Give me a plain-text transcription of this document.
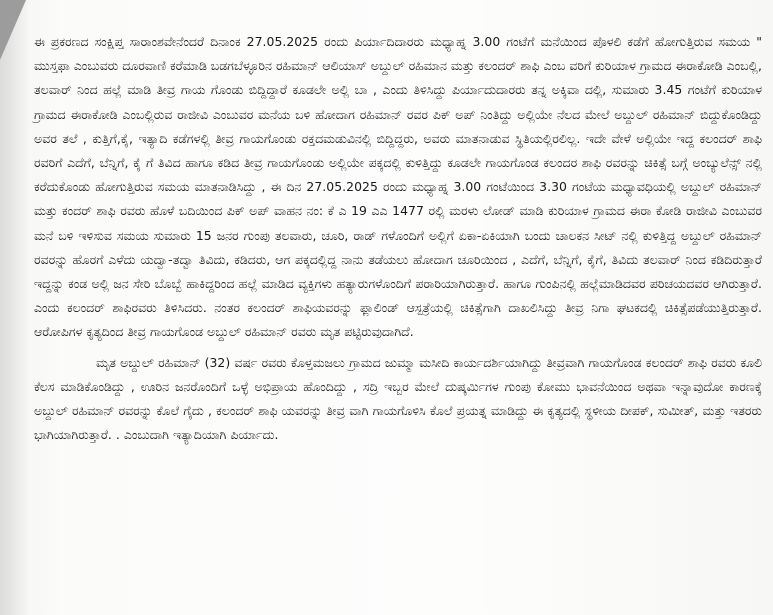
ಈ ಪ್ರಕರಣದ ಸಂಕ್ಷಿಪ್ತ ಸಾರಾಂಶವೇನೆಂದರೆ ದಿನಾಂಕ 27.05.2025 ರಂದು ಪಿರ್ಯಾದಿದಾರರು ಮಧ್ಯಾಹ್ನ 3.00 ಗಂಟೆಗೆ ಮನೆಯಿಂದ ಪೊಳಲಿ ಕಡೆಗೆ ಹೋಗುತ್ತಿರುವ ಸಮಯ " ಮುಸ್ತಫಾ ಎಂಬುವರು ದೂರವಾಣಿ ಕರೆಮಾಡಿ ಬಡಗಬೆಳ್ಳೂರಿನ ರಹಿಮಾನ್ ಆಲಿಯಾಸ್ ಅಬ್ದುಲ್ ರಹಿಮಾನ ಮತ್ತು ಕಲಂದರ್ ಶಾಫಿ ಎಂಬ ವರಿಗೆ ಕುರಿಯಾಳ ಗ್ರಾಮದ ಈರಾಕೋಡಿ ಎಂಬಲ್ಲಿ, ತಲವಾರ್ ನಿಂದ ಹಲ್ಲೆ ಮಾಡಿ ತೀವ್ರ ಗಾಯ ಗೊಂಡು ಬಿದ್ದಿದ್ದಾರೆ ಕೂಡಲೇ ಅಲ್ಲಿ ಬಾ , ಎಂದು ತಿಳಿಸಿದ್ದು ಪಿರ್ಯಾದುದಾರರು ತನ್ನ ಅಕ್ಕಿವಾ ದಲ್ಲಿ, ಸುಮಾರು 3.45 ಗಂಟೆಗೆ ಕುರಿಯಾಳ ಗ್ರಾಮದ ಈರಾಕೋಡಿ ಎಂಬಲ್ಲಿರುವ ರಾಜೀವಿ ಎಂಬುವರ ಮನೆಯ ಬಳಿ ಹೋದಾಗ ರಹಿಮಾನ್ ರವರ ಪಿಕ್ ಅಪ್ ನಿಂತಿದ್ದು ಅಲ್ಲಿಯೇ ನೆಲದ ಮೇಲೆ ಅಬ್ದುಲ್ ರಹಿಮಾನ್ ಬಿದ್ದುಕೊಂಡಿದ್ದು ಅವರ ತಲೆ , ಕುತ್ತಿಗೆ,ಕೈ, ಇತ್ಯಾದಿ ಕಡೆಗಳಲ್ಲಿ ತೀವ್ರ ಗಾಯಗೊಂಡು ರಕ್ತದಮಡುವಿನಲ್ಲಿ ಬಿದ್ದಿದ್ದರು, ಅವರು ಮಾತನಾಡುವ ಸ್ಥಿತಿಯಲ್ಲಿರಲಿಲ್ಲ. ಇದೇ ವೇಳೆ ಅಲ್ಲಿಯೇ ಇದ್ದ ಕಲಂದರ್ ಶಾಫಿ ರವರಿಗೆ ಎದೆಗೆ, ಬೆನ್ನಿಗೆ, ಕೈ ಗೆ ತಿವಿದ ಹಾಗೂ ಕಡಿದ ತೀವ್ರ ಗಾಯಗೊಂಡು ಅಲ್ಲಿಯೇ ಪಕ್ಕದಲ್ಲಿ ಕುಳಿತ್ತಿದ್ದು ಕೂಡಲೇ ಗಾಯಗೊಂಡ ಕಲಂದರ ಶಾಫಿ ರವರನ್ನು ಚಿಕಿತ್ಸೆ ಬಗ್ಗೆ ಅಂಬ್ಯುಲೆನ್ಸ್ ನಲ್ಲಿ ಕರೆದುಕೊಂಡು ಹೋಗುತ್ತಿರುವ ಸಮಯ ಮಾತನಾಡಿಸಿದ್ದು , ಈ ದಿನ 27.05.2025 ರಂದು ಮಧ್ಯಾಹ್ನ 3.00 ಗಂಟೆಯಿಂದ 3.30 ಗಂಟೆಯ ಮಧ್ಯಾವಧಿಯಲ್ಲಿ ಅಬ್ದುಲ್ ರಹಿಮಾನ್ ಮತ್ತು ಕಂದರ್ ಶಾಫಿ ರವರು ಹೊಳೆ ಬದಿಯಿಂದ ಪಿಕ್ ಅಪ್ ವಾಹನ ನಂ: ಕೆ ಎ 19 ಎಎ 1477 ರಲ್ಲಿ ಮರಳು ಲೋಡ್ ಮಾಡಿ ಕುರಿಯಾಳ ಗ್ರಾಮದ ಈರಾ ಕೋಡಿ ರಾಜೀವಿ ಎಂಬುವರ ಮನೆ ಬಳಿ ಇಳಿಸುವ ಸಮಯ ಸುಮಾರು 15 ಜನರ ಗುಂಪು ತಲವಾರು, ಚೂರಿ, ರಾಡ್ ಗಳೊಂದಿಗೆ ಅಲ್ಲಿಗೆ ಏಕಾ-ಏಕಿಯಾಗಿ ಬಂದು ಚಾಲಕನ ಸೀಟ್ ನಲ್ಲಿ ಕುಳಿತ್ತಿದ್ದ ಅಬ್ದುಲ್ ರಹಿಮಾನ್ ರವರನ್ನು ಹೊರಗೆ ಎಳೆದು ಯದ್ವಾ-ತದ್ವಾ ತಿವಿದು, ಕಡಿದರು, ಆಗ ಪಕ್ಕದಲ್ಲಿದ್ದ ನಾನು ತಡೆಯಲು ಹೋದಾಗ ಚೂರಿಯಿಂದ , ಎದೆಗೆ, ಬೆನ್ನಿಗೆ, ಕೈಗೆ, ತಿವಿದು ತಲವಾರ್ ನಿಂದ ಕಡಿದಿರುತ್ತಾರೆ ಇದ್ದನ್ನು ಕಂಡ ಅಲ್ಲಿ ಜನ ಸೇರಿ ಬೊಬ್ಬೆ ಹಾಕಿದ್ದರಿಂದ ಹಲ್ಲೆ ಮಾಡಿದ ವ್ಯಕ್ತಿಗಳು ಹತ್ಯಾರುಗಳೊಂದಿಗೆ ಪರಾರಿಯಾಗಿರುತ್ತಾರೆ. ಹಾಗೂ ಗುಂಪಿನಲ್ಲಿ ಹಲ್ಲೆಮಾಡಿದವರ ಪರಿಚಯದವರ ಆಗಿರುತ್ತಾರೆ. ಎಂದು ಕಲಂದರ್ ಶಾಫಿರವರು ತಿಳಿಸಿದರು. ನಂತರ ಕಲಂದರ್ ಶಾಫಿಯವರನ್ನು ಫ್ಲಾಲಿಂಡ್ ಆಸ್ಪತ್ರೆಯಲ್ಲಿ ಚಿಕಿತ್ಸೆಗಾಗಿ ದಾಖಲಿಸಿದ್ದು ತೀವ್ರ ನಿಗಾ ಘಟಕದಲ್ಲಿ ಚಿಕಿತ್ಸೆಪಡೆಯುತ್ತಿರುತ್ತಾರೆ. ಆರೋಪಿಗಳ ಕೃತ್ಯದಿಂದ ತೀವ್ರ ಗಾಯಗೊಂಡ ಅಬ್ದುಲ್ ರಹಿಮಾನ್ ರವರು ಮೃತ ಪಟ್ಟಿರುವುದಾಗಿದೆ.

ಮೃತ ಅಬ್ದುಲ್ ರಹಿಮಾನ್ (32) ವರ್ಷ ರವರು ಕೊಳ್ತಮಜಲು ಗ್ರಾಮದ ಜುಮ್ಮಾ ಮಸೀದಿ ಕಾರ್ಯದರ್ಶಿಯಾಗಿದ್ದು ತೀವ್ರವಾಗಿ ಗಾಯಗೊಂಡ ಕಲಂದರ್ ಶಾಫಿ ರವರು ಕೂಲಿ ಕೆಲಸ ಮಾಡಿಕೊಂಡಿದ್ದು , ಊರಿನ ಜನರೊಂದಿಗೆ ಒಳ್ಳೆ ಅಭಿಪ್ರಾಯ ಹೊಂದಿದ್ದು , ಸದ್ರಿ ಇಬ್ಬರ ಮೇಲೆ ದುಷ್ಕರ್ಮಿಗಳ ಗುಂಪು ಕೋಮು ಭಾವನೆಯಿಂದ ಅಥವಾ ಇನ್ನಾವುದೋ ಕಾರಣಕ್ಕೆ ಅಬ್ದುಲ್ ರಹಿಮಾನ್ ರವರನ್ನು ಕೊಲೆ ಗೈದು , ಕಲಂದರ್ ಶಾಫಿ ಯವರನ್ನು ತೀವ್ರ ವಾಗಿ ಗಾಯಗೊಳಿಸಿ ಕೊಲೆ ಪ್ರಯತ್ನ ಮಾಡಿದ್ದು ಈ ಕೃತ್ಯದಲ್ಲಿ ಸ್ಥಳೀಯ ದೀಪಕ್, ಸುಮೀತ್, ಮತ್ತು ಇತರರು ಭಾಗಿಯಾಗಿರುತ್ತಾರೆ. . ಎಂಬುದಾಗಿ ಇತ್ಯಾದಿಯಾಗಿ ಪಿರ್ಯಾದು.
